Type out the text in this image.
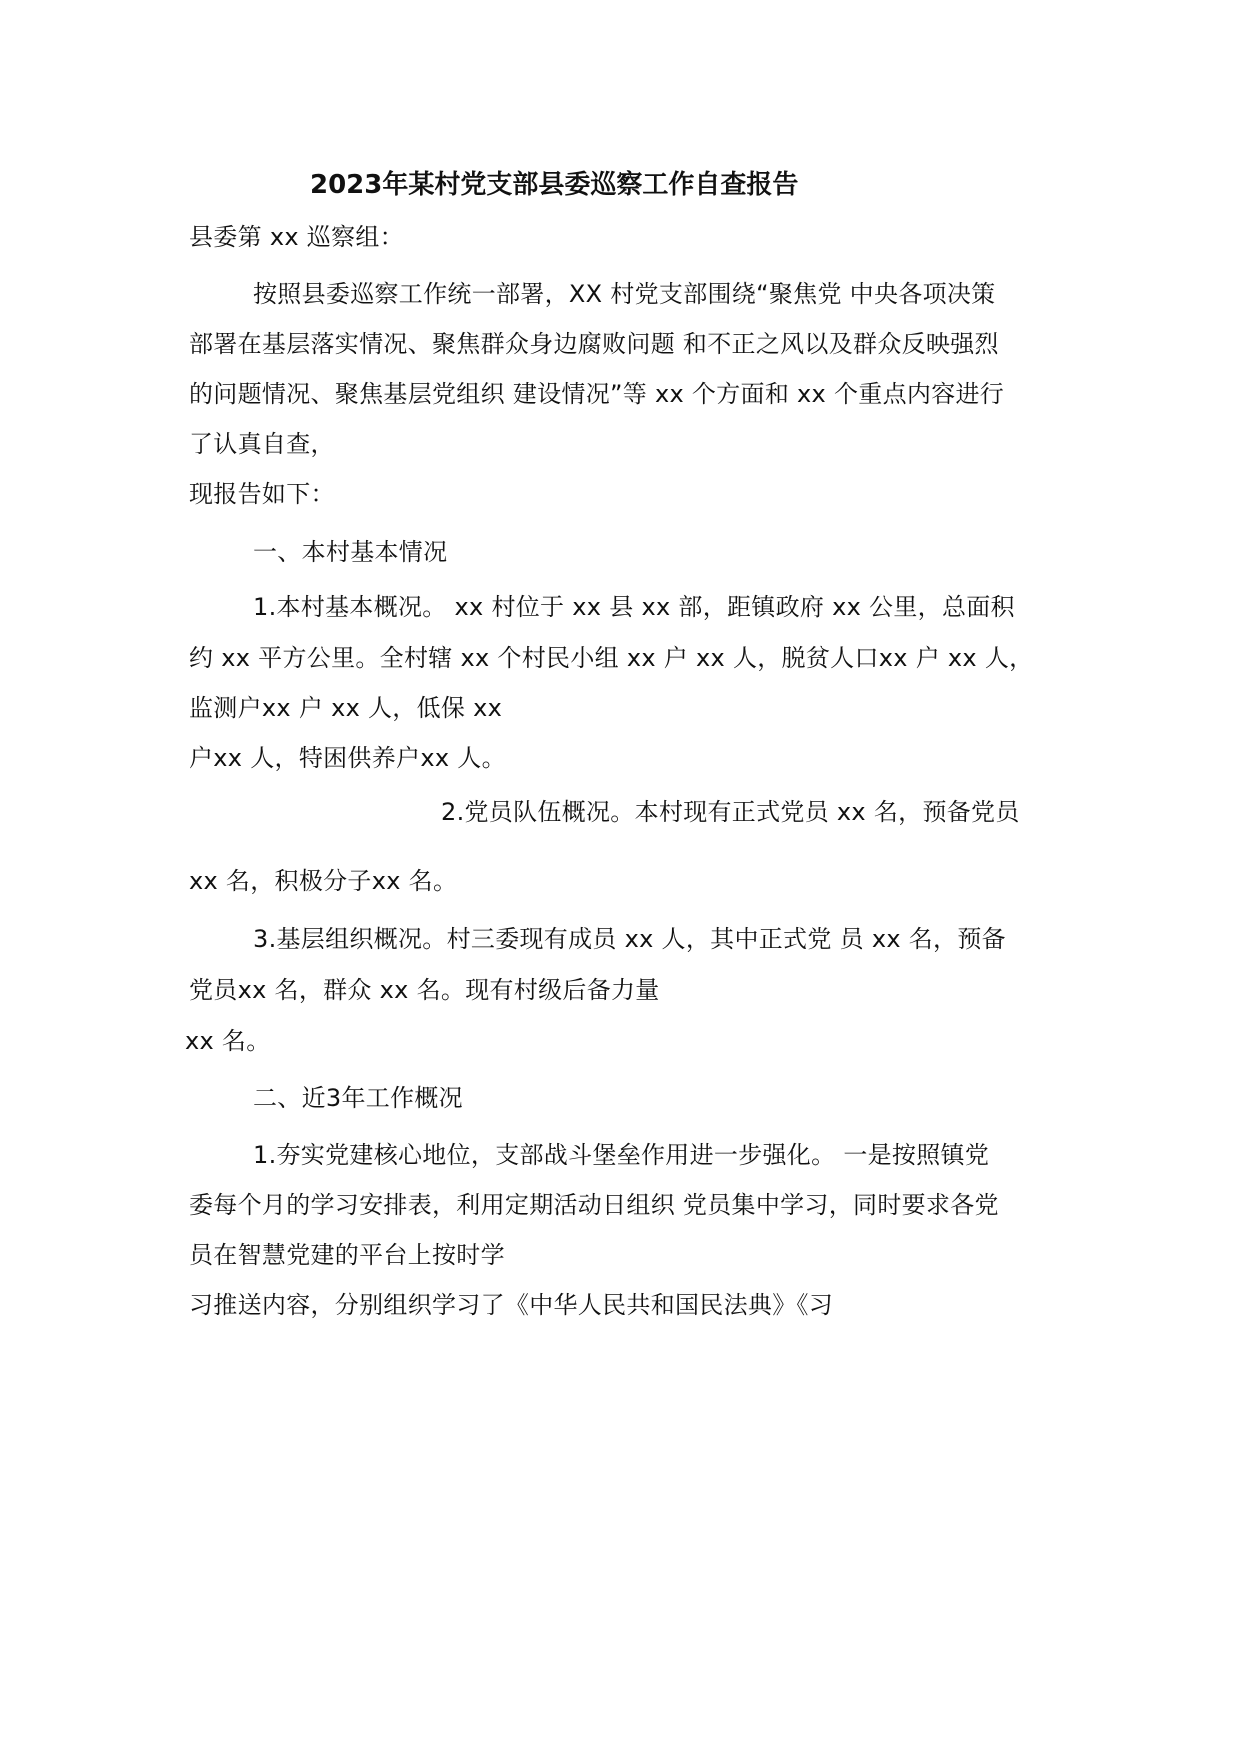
2023年某村党支部县委巡察工作自查报告
县委第 xx 巡察组：
按照县委巡察工作统一部署，XX 村党支部围绕“聚焦党 中央各项决策
部署在基层落实情况、聚焦群众身边腐败问题 和不正之风以及群众反映强烈
的问题情况、聚焦基层党组织 建设情况”等 xx 个方面和 xx 个重点内容进行
了认真自查，
现报告如下：
一、本村基本情况
1.本村基本概况。 xx 村位于 xx 县 xx 部，距镇政府 xx 公里，总面积
约 xx 平方公里。全村辖 xx 个村民小组 xx 户 xx 人，脱贫人口xx 户 xx 人，
监测户xx 户 xx 人，低保 xx
户xx 人，特困供养户xx 人。
2.党员队伍概况。本村现有正式党员 xx 名，预备党员
xx 名，积极分子xx 名。
3.基层组织概况。村三委现有成员 xx 人，其中正式党 员 xx 名，预备
党员xx 名，群众 xx 名。现有村级后备力量
xx 名。
二、近3年工作概况
1.夯实党建核心地位，支部战斗堡垒作用进一步强化。 一是按照镇党
委每个月的学习安排表，利用定期活动日组织 党员集中学习，同时要求各党
员在智慧党建的平台上按时学
习推送内容，分别组织学习了《中华人民共和国民法典》《习
